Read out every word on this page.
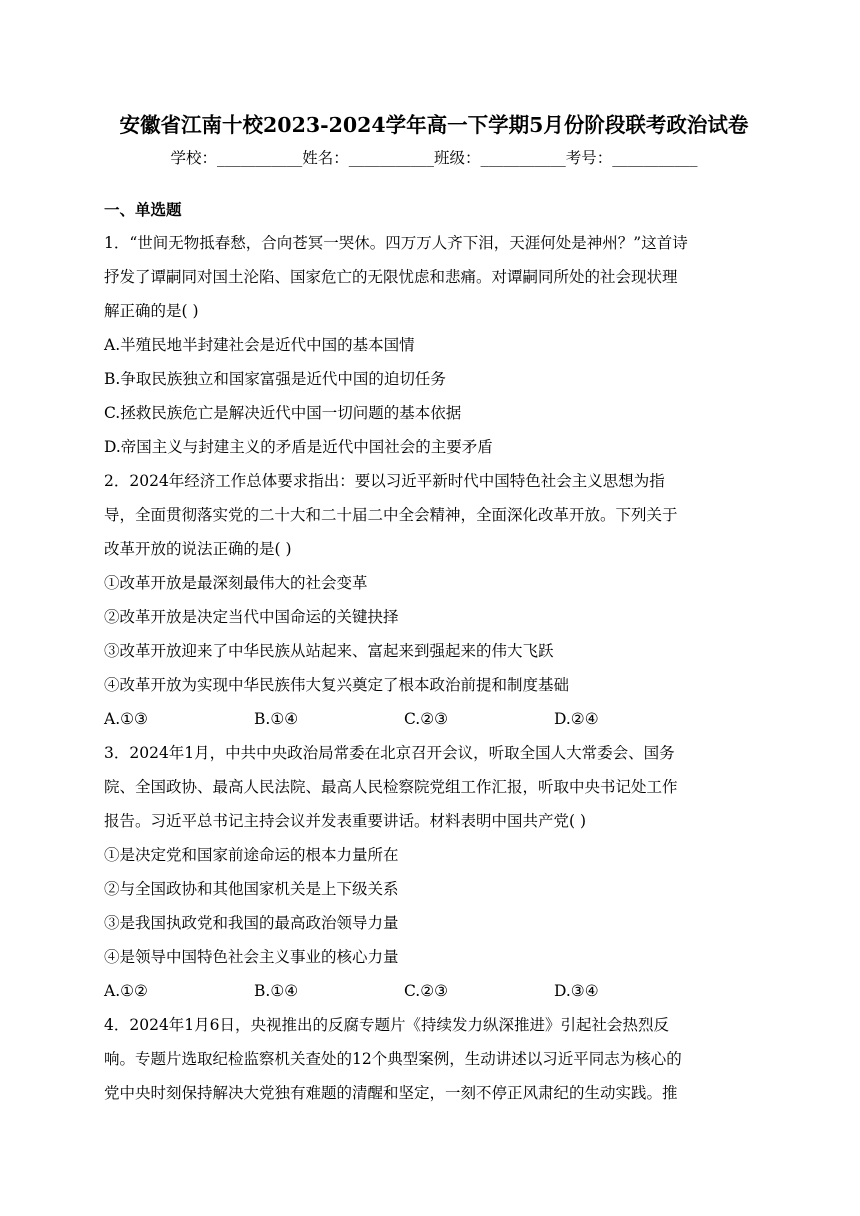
安徽省江南十校2023-2024学年高一下学期5月份阶段联考政治试卷
学校：___________姓名：___________班级：___________考号：___________
一、单选题
1．“世间无物抵春愁，合向苍冥一哭休。四万万人齐下泪，天涯何处是神州？”这首诗
抒发了谭嗣同对国土沦陷、国家危亡的无限忧虑和悲痛。对谭嗣同所处的社会现状理
解正确的是( )
A.半殖民地半封建社会是近代中国的基本国情
B.争取民族独立和国家富强是近代中国的迫切任务
C.拯救民族危亡是解决近代中国一切问题的基本依据
D.帝国主义与封建主义的矛盾是近代中国社会的主要矛盾
2．2024年经济工作总体要求指出：要以习近平新时代中国特色社会主义思想为指
导，全面贯彻落实党的二十大和二十届二中全会精神，全面深化改革开放。下列关于
改革开放的说法正确的是( )
①改革开放是最深刻最伟大的社会变革
②改革开放是决定当代中国命运的关键抉择
③改革开放迎来了中华民族从站起来、富起来到强起来的伟大飞跃
④改革开放为实现中华民族伟大复兴奠定了根本政治前提和制度基础
A.①③	B.①④	C.②③	D.②④
3．2024年1月，中共中央政治局常委在北京召开会议，听取全国人大常委会、国务
院、全国政协、最高人民法院、最高人民检察院党组工作汇报，听取中央书记处工作
报告。习近平总书记主持会议并发表重要讲话。材料表明中国共产党( )
①是决定党和国家前途命运的根本力量所在
②与全国政协和其他国家机关是上下级关系
③是我国执政党和我国的最高政治领导力量
④是领导中国特色社会主义事业的核心力量
A.①②	B.①④	C.②③	D.③④
4．2024年1月6日，央视推出的反腐专题片《持续发力纵深推进》引起社会热烈反
响。专题片选取纪检监察机关查处的12个典型案例，生动讲述以习近平同志为核心的
党中央时刻保持解决大党独有难题的清醒和坚定，一刻不停正风肃纪的生动实践。推
